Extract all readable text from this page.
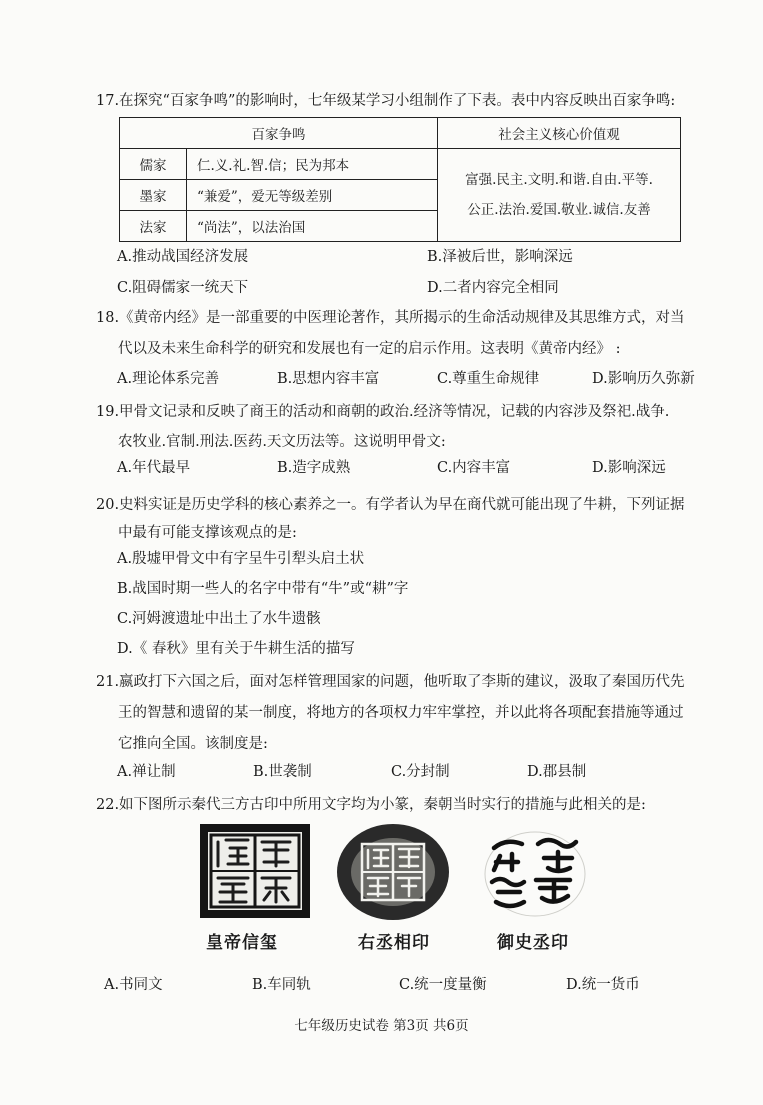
17.在探究“百家争鸣”的影响时，七年级某学习小组制作了下表。表中内容反映出百家争鸣:
百家争鸣		社会主义核心价值观
儒家	仁.义.礼.智.信；民为邦本	富强.民主.文明.和谐.自由.平等.
公正.法治.爱国.敬业.诚信.友善

墨家	“兼爱”，爱无等级差别	
法家	“尚法”，以法治国	
A.推动战国经济发展	B.泽被后世，影响深远
C.阻碍儒家一统天下	D.二者内容完全相同
18.《黄帝内经》是一部重要的中医理论著作，其所揭示的生命活动规律及其思维方式，对当
代以及未来生命科学的研究和发展也有一定的启示作用。这表明《黄帝内经》 :
A.理论体系完善	B.思想内容丰富	C.尊重生命规律	D.影响历久弥新
19.甲骨文记录和反映了商王的活动和商朝的政治.经济等情况，记载的内容涉及祭祀.战争.
农牧业.官制.刑法.医药.天文历法等。这说明甲骨文:
A.年代最早	B.造字成熟	C.内容丰富	D.影响深远
20.史料实证是历史学科的核心素养之一。有学者认为早在商代就可能出现了牛耕，下列证据
中最有可能支撑该观点的是:
A.殷墟甲骨文中有字呈牛引犁头启土状
B.战国时期一些人的名字中带有“牛”或“耕”字
C.河姆渡遗址中出土了水牛遗骸
D.《 春秋》里有关于牛耕生活的描写
21.嬴政打下六国之后，面对怎样管理国家的问题，他听取了李斯的建议，汲取了秦国历代先
王的智慧和遗留的某一制度，将地方的各项权力牢牢掌控，并以此将各项配套措施等通过
它推向全国。该制度是:
A.禅让制	B.世袭制	C.分封制	D.郡县制
22.如下图所示秦代三方古印中所用文字均为小篆，秦朝当时实行的措施与此相关的是:
皇帝信玺	右丞相印	御史丞印
A.书同文	B.车同轨	C.统一度量衡	D.统一货币
七年级历史试卷 第3页 共6页
